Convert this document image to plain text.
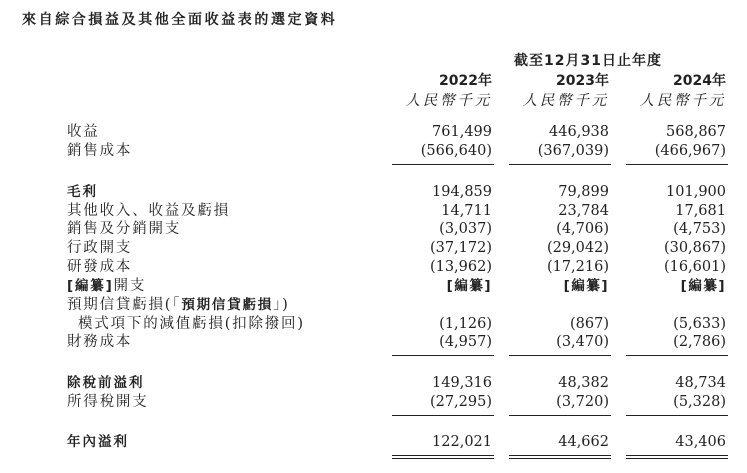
來自綜合損益及其他全面收益表的選定資料
截至12月31日止年度
2022年	2023年	2024年
人民幣千元	人民幣千元	人民幣千元
收益	761,499	446,938	568,867
銷售成本	(566,640)	(367,039)	(466,967)
毛利	194,859	79,899	101,900
其他收入、收益及虧損	14,711	23,784	17,681
銷售及分銷開支	(3,037)	(4,706)	(4,753)
行政開支	(37,172)	(29,042)	(30,867)
研發成本	(13,962)	(17,216)	(16,601)
[編纂]開支	[編纂]	[編纂]	[編纂]
預期信貸虧損(「預期信貸虧損」)
模式項下的減值虧損(扣除撥回)	(1,126)	(867)	(5,633)
財務成本	(4,957)	(3,470)	(2,786)
除稅前溢利	149,316	48,382	48,734
所得稅開支	(27,295)	(3,720)	(5,328)
年內溢利	122,021	44,662	43,406
